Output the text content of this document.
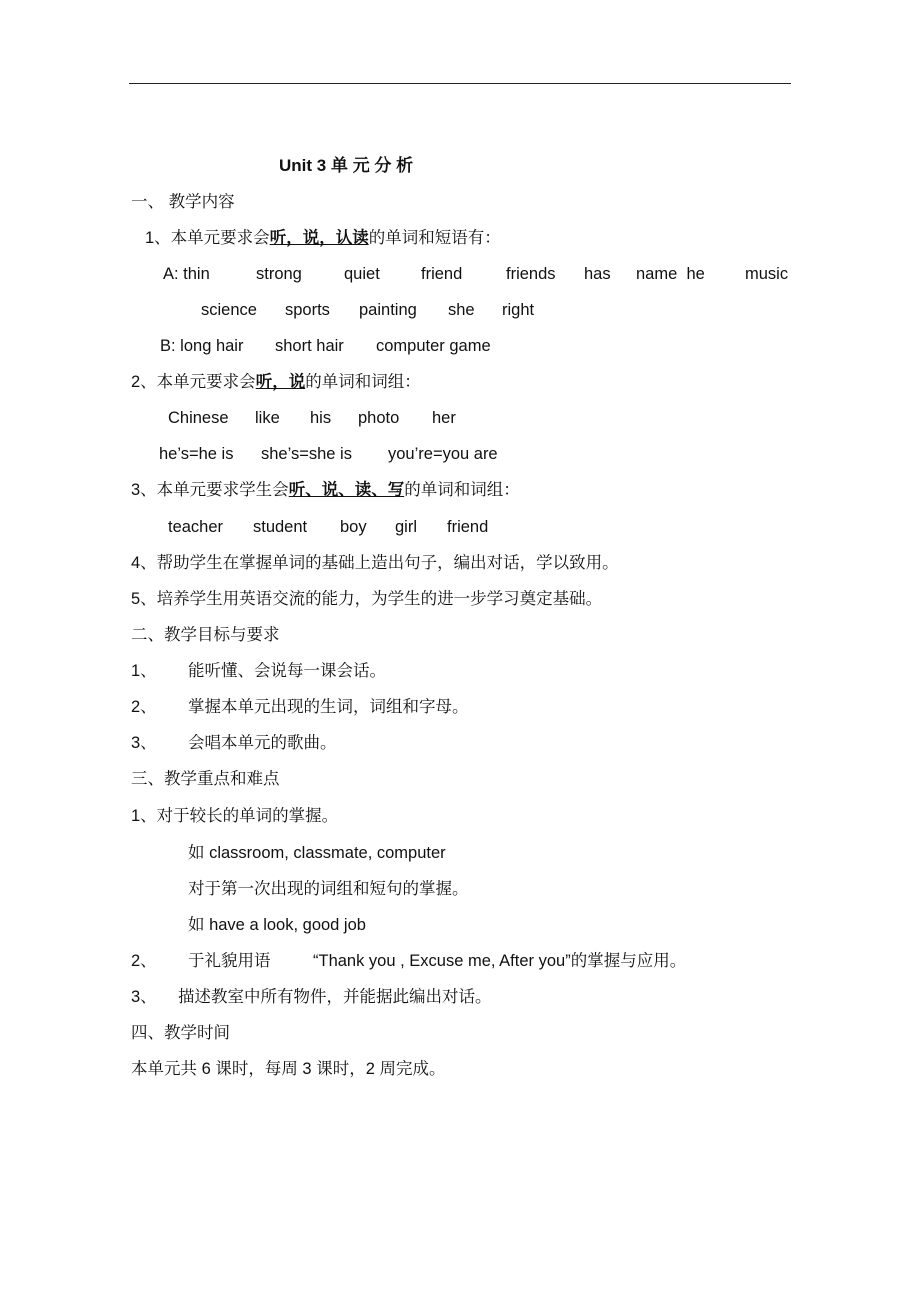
Unit 3 单 元 分 析
一、 教学内容
1、本单元要求会听，说，认读的单词和短语有：
A: thin	strong	quiet friend	friends has name  he music
science sports painting she right
B: long hair short hair computer game
2、本单元要求会听，说的单词和词组：
Chinese like his photo her
he’s=he is she’s=she is you’re=you are
3、本单元要求学生会听、说、读、写的单词和词组：
teacher student boy girl friend
4、帮助学生在掌握单词的基础上造出句子，编出对话，学以致用。
5、培养学生用英语交流的能力，为学生的进一步学习奠定基础。
二、教学目标与要求
1、 能听懂、会说每一课会话。
2、 掌握本单元出现的生词，词组和字母。
3、 会唱本单元的歌曲。
三、教学重点和难点
1、对于较长的单词的掌握。
如 classroom, classmate, computer
对于第一次出现的词组和短句的掌握。
如 have a look, good job
2、 于礼貌用语	“Thank you , Excuse me, After you”的掌握与应用。
3、 描述教室中所有物件，并能据此编出对话。
四、教学时间
本单元共 6 课时，每周 3 课时，2 周完成。
